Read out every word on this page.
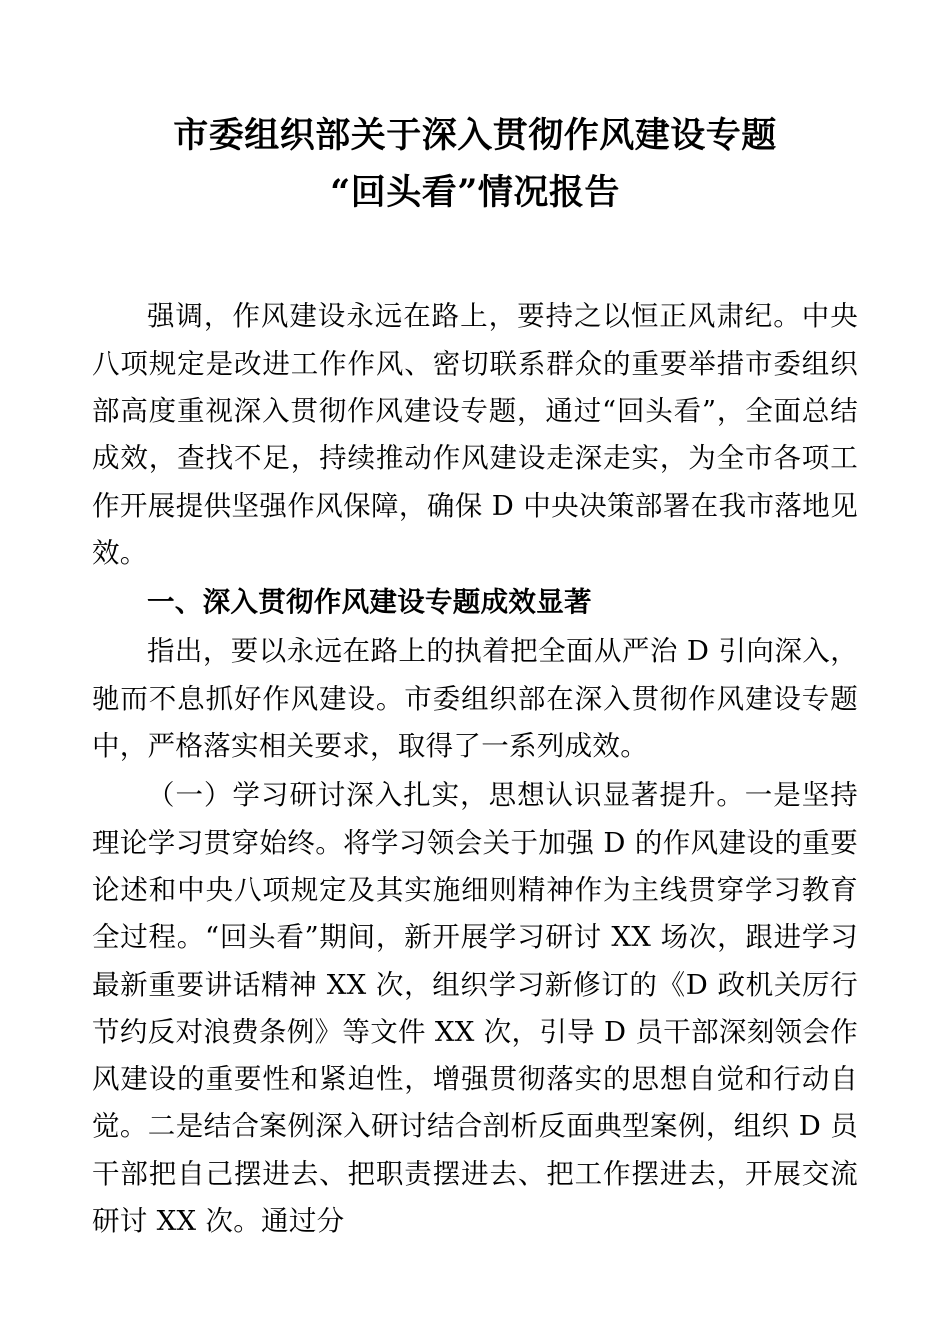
市委组织部关于深入贯彻作风建设专题
“回头看”情况报告

强调，作风建设永远在路上，要持之以恒正风肃纪。中央八项规定是改进工作作风、密切联系群众的重要举措市委组织部高度重视深入贯彻作风建设专题，通过“回头看”，全面总结成效，查找不足，持续推动作风建设走深走实，为全市各项工作开展提供坚强作风保障，确保 D 中央决策部署在我市落地见效。

一、深入贯彻作风建设专题成效显著

指出，要以永远在路上的执着把全面从严治 D 引向深入，驰而不息抓好作风建设。市委组织部在深入贯彻作风建设专题中，严格落实相关要求，取得了一系列成效。

（一）学习研讨深入扎实，思想认识显著提升。一是坚持理论学习贯穿始终。将学习领会关于加强 D 的作风建设的重要论述和中央八项规定及其实施细则精神作为主线贯穿学习教育全过程。“回头看”期间，新开展学习研讨 XX 场次，跟进学习最新重要讲话精神 XX 次，组织学习新修订的《D 政机关厉行节约反对浪费条例》等文件 XX 次，引导 D 员干部深刻领会作风建设的重要性和紧迫性，增强贯彻落实的思想自觉和行动自觉。二是结合案例深入研讨结合剖析反面典型案例，组织 D 员干部把自己摆进去、把职责摆进去、把工作摆进去，开展交流研讨 XX 次。通过分
